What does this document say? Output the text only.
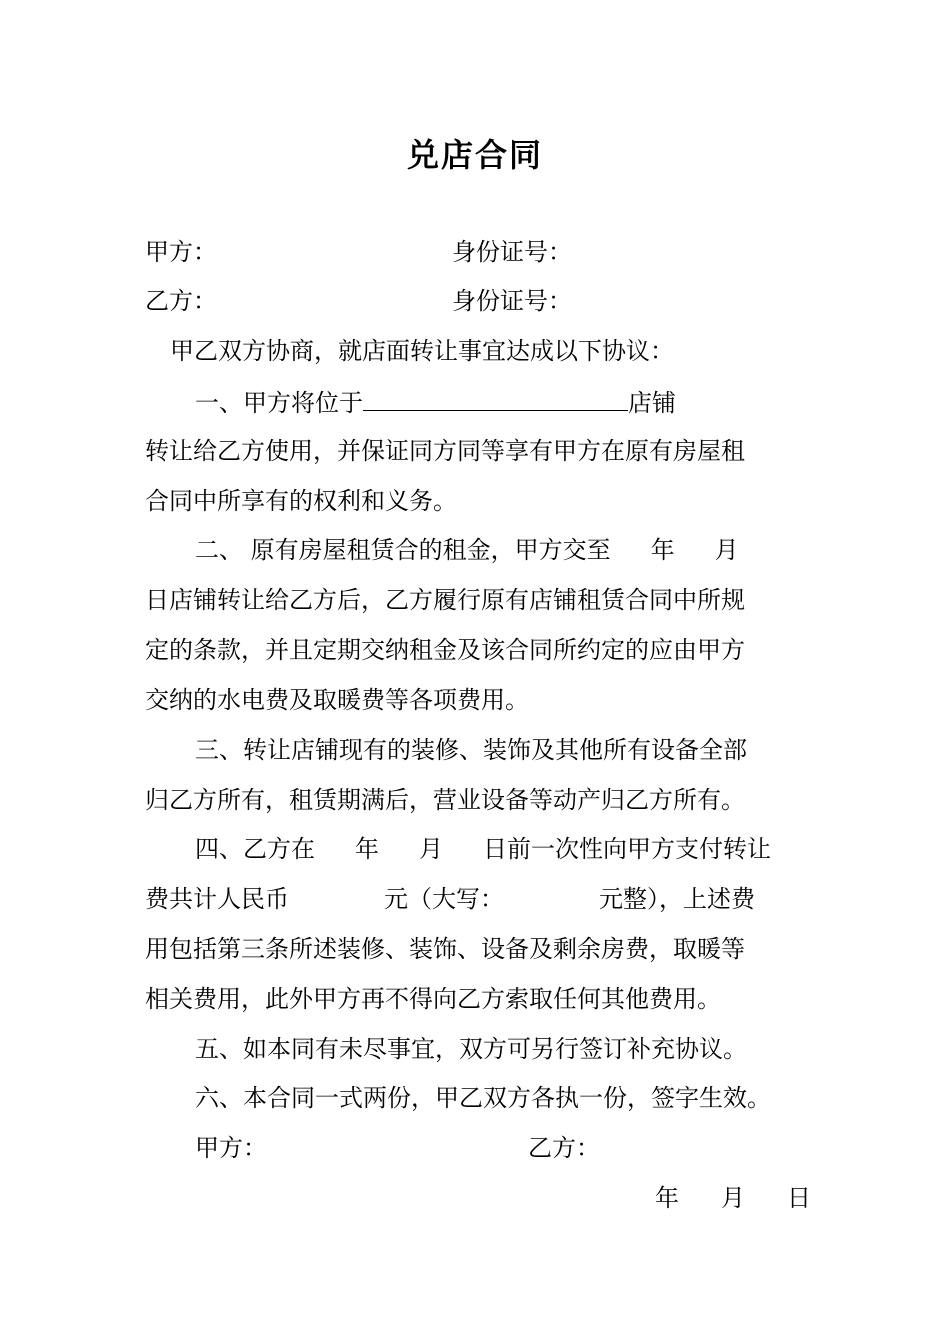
兑店合同
甲方：	身份证号：
乙方：	身份证号：
甲乙双方协商，就店面转让事宜达成以下协议：
一、甲方将位于	店铺
转让给乙方使用，并保证同方同等享有甲方在原有房屋租
合同中所享有的权利和义务。
二、 原有房屋租赁合的租金，甲方交至 年 月
日店铺转让给乙方后，乙方履行原有店铺租赁合同中所规
定的条款，并且定期交纳租金及该合同所约定的应由甲方
交纳的水电费及取暖费等各项费用。
三、转让店铺现有的装修、装饰及其他所有设备全部
归乙方所有，租赁期满后，营业设备等动产归乙方所有。
四、乙方在 年 月 日前一次性向甲方支付转让
费共计人民币	元（大写：	元整），上述费
用包括第三条所述装修、装饰、设备及剩余房费，取暖等
相关费用，此外甲方再不得向乙方索取任何其他费用。
五、如本同有未尽事宜，双方可另行签订补充协议。
六、本合同一式两份，甲乙双方各执一份，签字生效。
甲方：	乙方：
年 月 日
